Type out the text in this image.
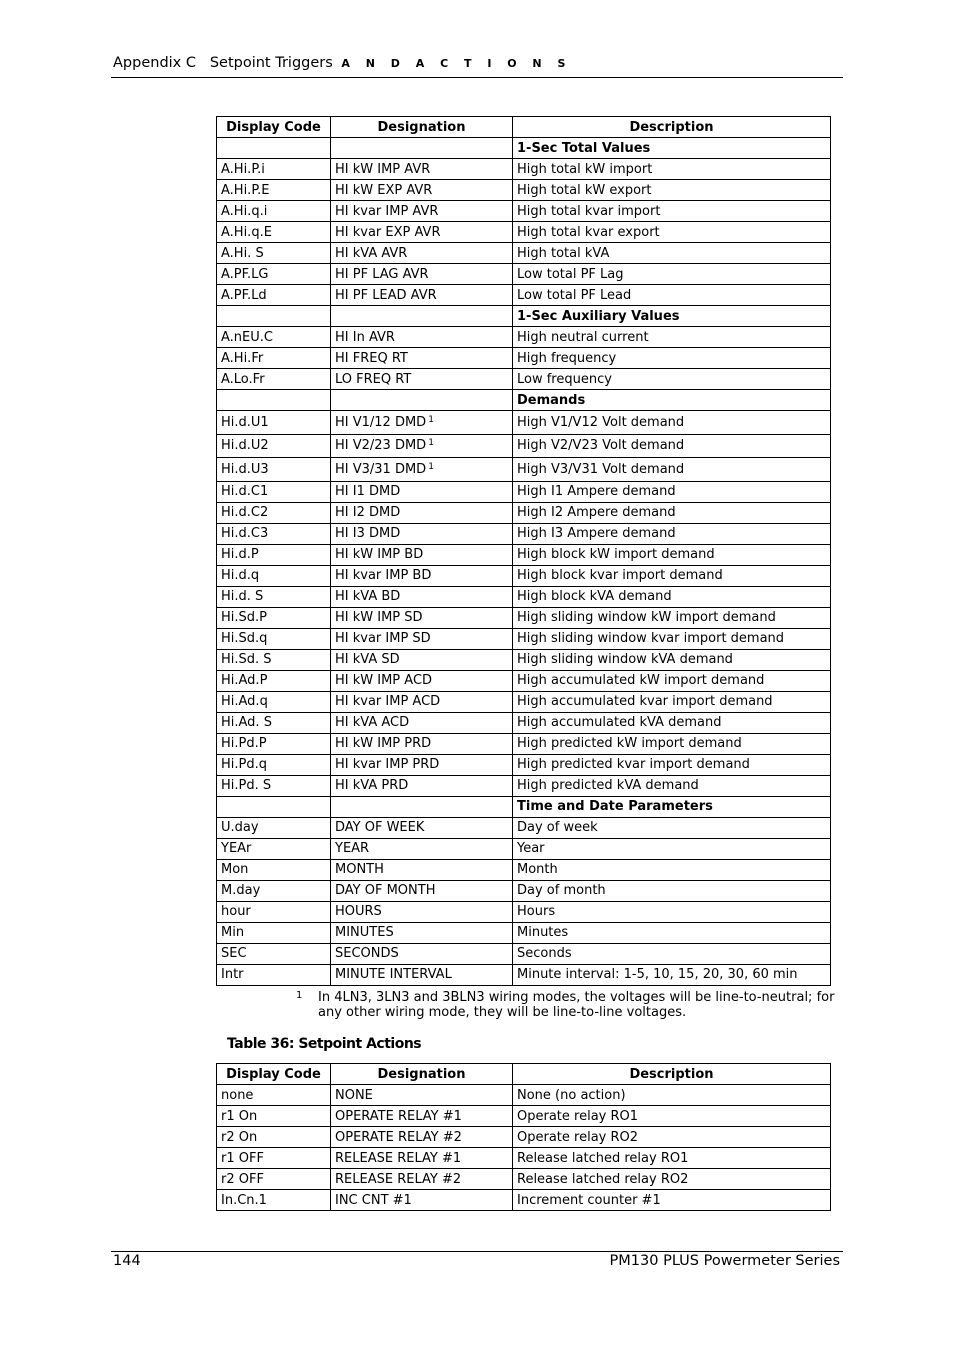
Appendix C Setpoint Triggers A N D A C T I O N S
Display Code	Designation	Description
		1-Sec Total Values
A.Hi.P.i	HI kW IMP AVR	High total kW import
A.Hi.P.E	HI kW EXP AVR	High total kW export
A.Hi.q.i	HI kvar IMP AVR	High total kvar import
A.Hi.q.E	HI kvar EXP AVR	High total kvar export
A.Hi. S	HI kVA AVR	High total kVA
A.PF.LG	HI PF LAG AVR	Low total PF Lag
A.PF.Ld	HI PF LEAD AVR	Low total PF Lead
		1-Sec Auxiliary Values
A.nEU.C	HI In AVR	High neutral current
A.Hi.Fr	HI FREQ RT	High frequency
A.Lo.Fr	LO FREQ RT	Low frequency
		Demands
Hi.d.U1	HI V1/12 DMD $^1$	High V1/V12 Volt demand
Hi.d.U2	HI V2/23 DMD $^1$	High V2/V23 Volt demand
Hi.d.U3	HI V3/31 DMD $^1$	High V3/V31 Volt demand
Hi.d.C1	HI I1 DMD	High I1 Ampere demand
Hi.d.C2	HI I2 DMD	High I2 Ampere demand
Hi.d.C3	HI I3 DMD	High I3 Ampere demand
Hi.d.P	HI kW IMP BD	High block kW import demand
Hi.d.q	HI kvar IMP BD	High block kvar import demand
Hi.d. S	HI kVA BD	High block kVA demand
Hi.Sd.P	HI kW IMP SD	High sliding window kW import demand
Hi.Sd.q	HI kvar IMP SD	High sliding window kvar import demand
Hi.Sd. S	HI kVA SD	High sliding window kVA demand
Hi.Ad.P	HI kW IMP ACD	High accumulated kW import demand
Hi.Ad.q	HI kvar IMP ACD	High accumulated kvar import demand
Hi.Ad. S	HI kVA ACD	High accumulated kVA demand
Hi.Pd.P	HI kW IMP PRD	High predicted kW import demand
Hi.Pd.q	HI kvar IMP PRD	High predicted kvar import demand
Hi.Pd. S	HI kVA PRD	High predicted kVA demand
		Time and Date Parameters
U.day	DAY OF WEEK	Day of week
YEAr	YEAR	Year
Mon	MONTH	Month
M.day	DAY OF MONTH	Day of month
hour	HOURS	Hours
Min	MINUTES	Minutes
SEC	SECONDS	Seconds
Intr	MINUTE INTERVAL	Minute interval: 1-5, 10, 15, 20, 30, 60 min
1 In 4LN3, 3LN3 and 3BLN3 wiring modes, the voltages will be line-to-neutral; for any other wiring mode, they will be line-to-line voltages.
Table 36: Setpoint Actions
Display Code	Designation	Description
none	NONE	None (no action)
r1 On	OPERATE RELAY #1	Operate relay RO1
r2 On	OPERATE RELAY #2	Operate relay RO2
r1 OFF	RELEASE RELAY #1	Release latched relay RO1
r2 OFF	RELEASE RELAY #2	Release latched relay RO2
In.Cn.1	INC CNT #1	Increment counter #1
144	PM130 PLUS Powermeter Series
